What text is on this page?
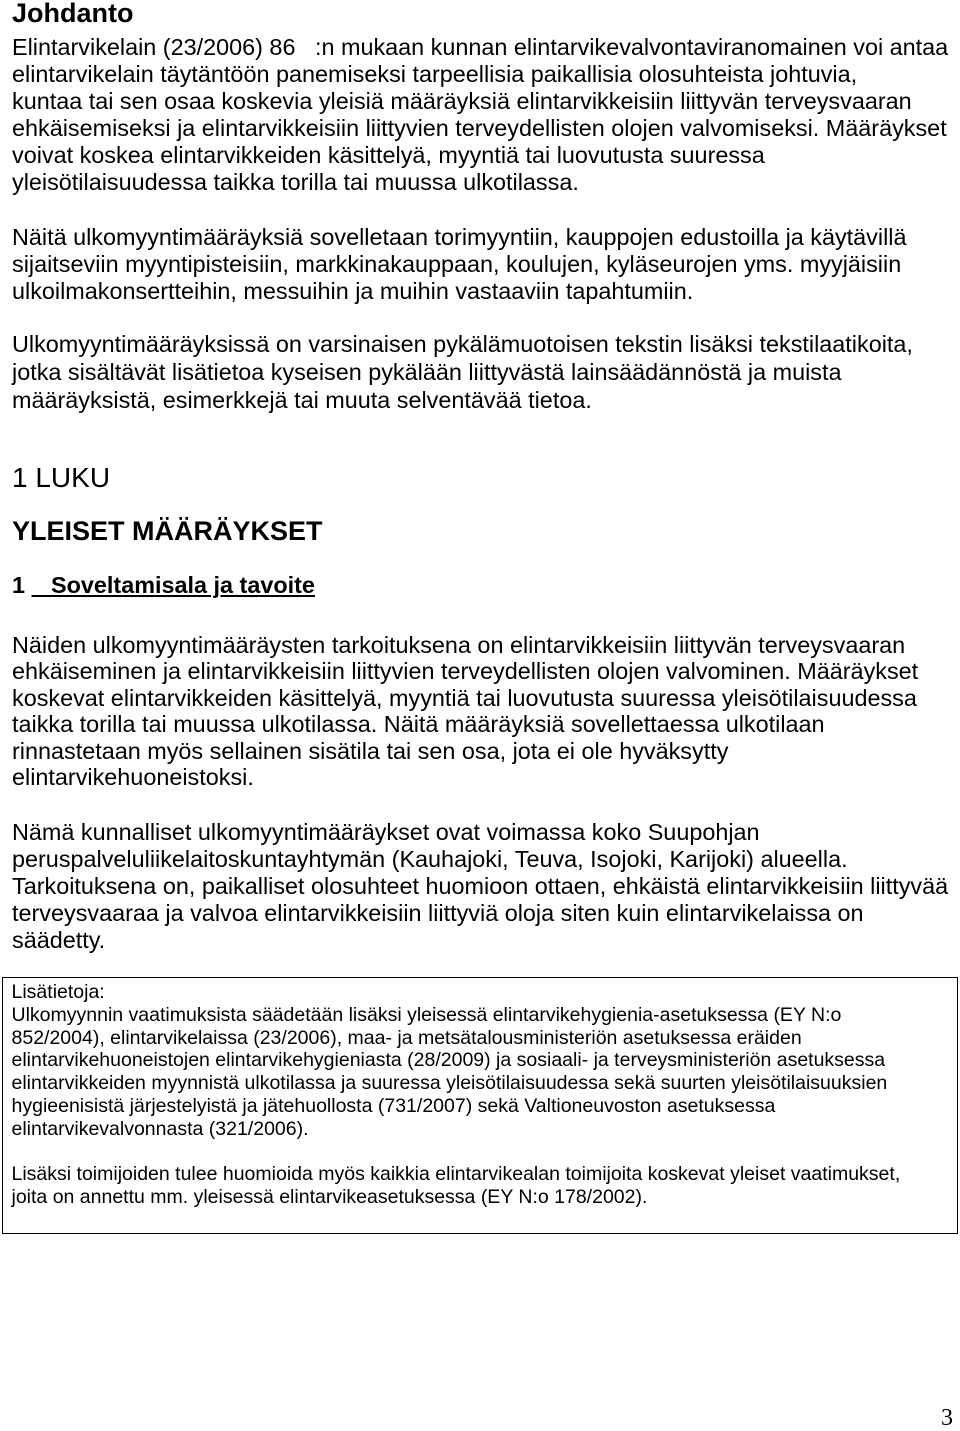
Johdanto
Elintarvikelain (23/2006) 86   :n mukaan kunnan elintarvikevalvontaviranomainen voi antaa
elintarvikelain täytäntöön panemiseksi tarpeellisia paikallisia olosuhteista johtuvia,
kuntaa tai sen osaa koskevia yleisiä määräyksiä elintarvikkeisiin liittyvän terveysvaaran
ehkäisemiseksi ja elintarvikkeisiin liittyvien terveydellisten olojen valvomiseksi. Määräykset
voivat koskea elintarvikkeiden käsittelyä, myyntiä tai luovutusta suuressa
yleisötilaisuudessa taikka torilla tai muussa ulkotilassa.
Näitä ulkomyyntimääräyksiä sovelletaan torimyyntiin, kauppojen edustoilla ja käytävillä
sijaitseviin myyntipisteisiin, markkinakauppaan, koulujen, kyläseurojen yms. myyjäisiin
ulkoilmakonsertteihin, messuihin ja muihin vastaaviin tapahtumiin.
Ulkomyyntimääräyksissä on varsinaisen pykälämuotoisen tekstin lisäksi tekstilaatikoita,
jotka sisältävät lisätietoa kyseisen pykälään liittyvästä lainsäädännöstä ja muista
määräyksistä, esimerkkejä tai muuta selventävää tietoa.
1 LUKU
YLEISET MÄÄRÄYKSET
1 Soveltamisala ja tavoite
Näiden ulkomyyntimääräysten tarkoituksena on elintarvikkeisiin liittyvän terveysvaaran
ehkäiseminen ja elintarvikkeisiin liittyvien terveydellisten olojen valvominen. Määräykset
koskevat elintarvikkeiden käsittelyä, myyntiä tai luovutusta suuressa yleisötilaisuudessa
taikka torilla tai muussa ulkotilassa. Näitä määräyksiä sovellettaessa ulkotilaan
rinnastetaan myös sellainen sisätila tai sen osa, jota ei ole hyväksytty
elintarvikehuoneistoksi.
Nämä kunnalliset ulkomyyntimääräykset ovat voimassa koko Suupohjan
peruspalveluliikelaitoskuntayhtymän (Kauhajoki, Teuva, Isojoki, Karijoki) alueella.
Tarkoituksena on, paikalliset olosuhteet huomioon ottaen, ehkäistä elintarvikkeisiin liittyvää
terveysvaaraa ja valvoa elintarvikkeisiin liittyviä oloja siten kuin elintarvikelaissa on
säädetty.
Lisätietoja:
Ulkomyynnin vaatimuksista säädetään lisäksi yleisessä elintarvikehygienia-asetuksessa (EY N:o
852/2004), elintarvikelaissa (23/2006), maa- ja metsätalousministeriön asetuksessa eräiden
elintarvikehuoneistojen elintarvikehygieniasta (28/2009) ja sosiaali- ja terveysministeriön asetuksessa
elintarvikkeiden myynnistä ulkotilassa ja suuressa yleisötilaisuudessa sekä suurten yleisötilaisuuksien
hygieenisistä järjestelyistä ja jätehuollosta (731/2007) sekä Valtioneuvoston asetuksessa
elintarvikevalvonnasta (321/2006).
Lisäksi toimijoiden tulee huomioida myös kaikkia elintarvikealan toimijoita koskevat yleiset vaatimukset,
joita on annettu mm. yleisessä elintarvikeasetuksessa (EY N:o 178/2002).
3
